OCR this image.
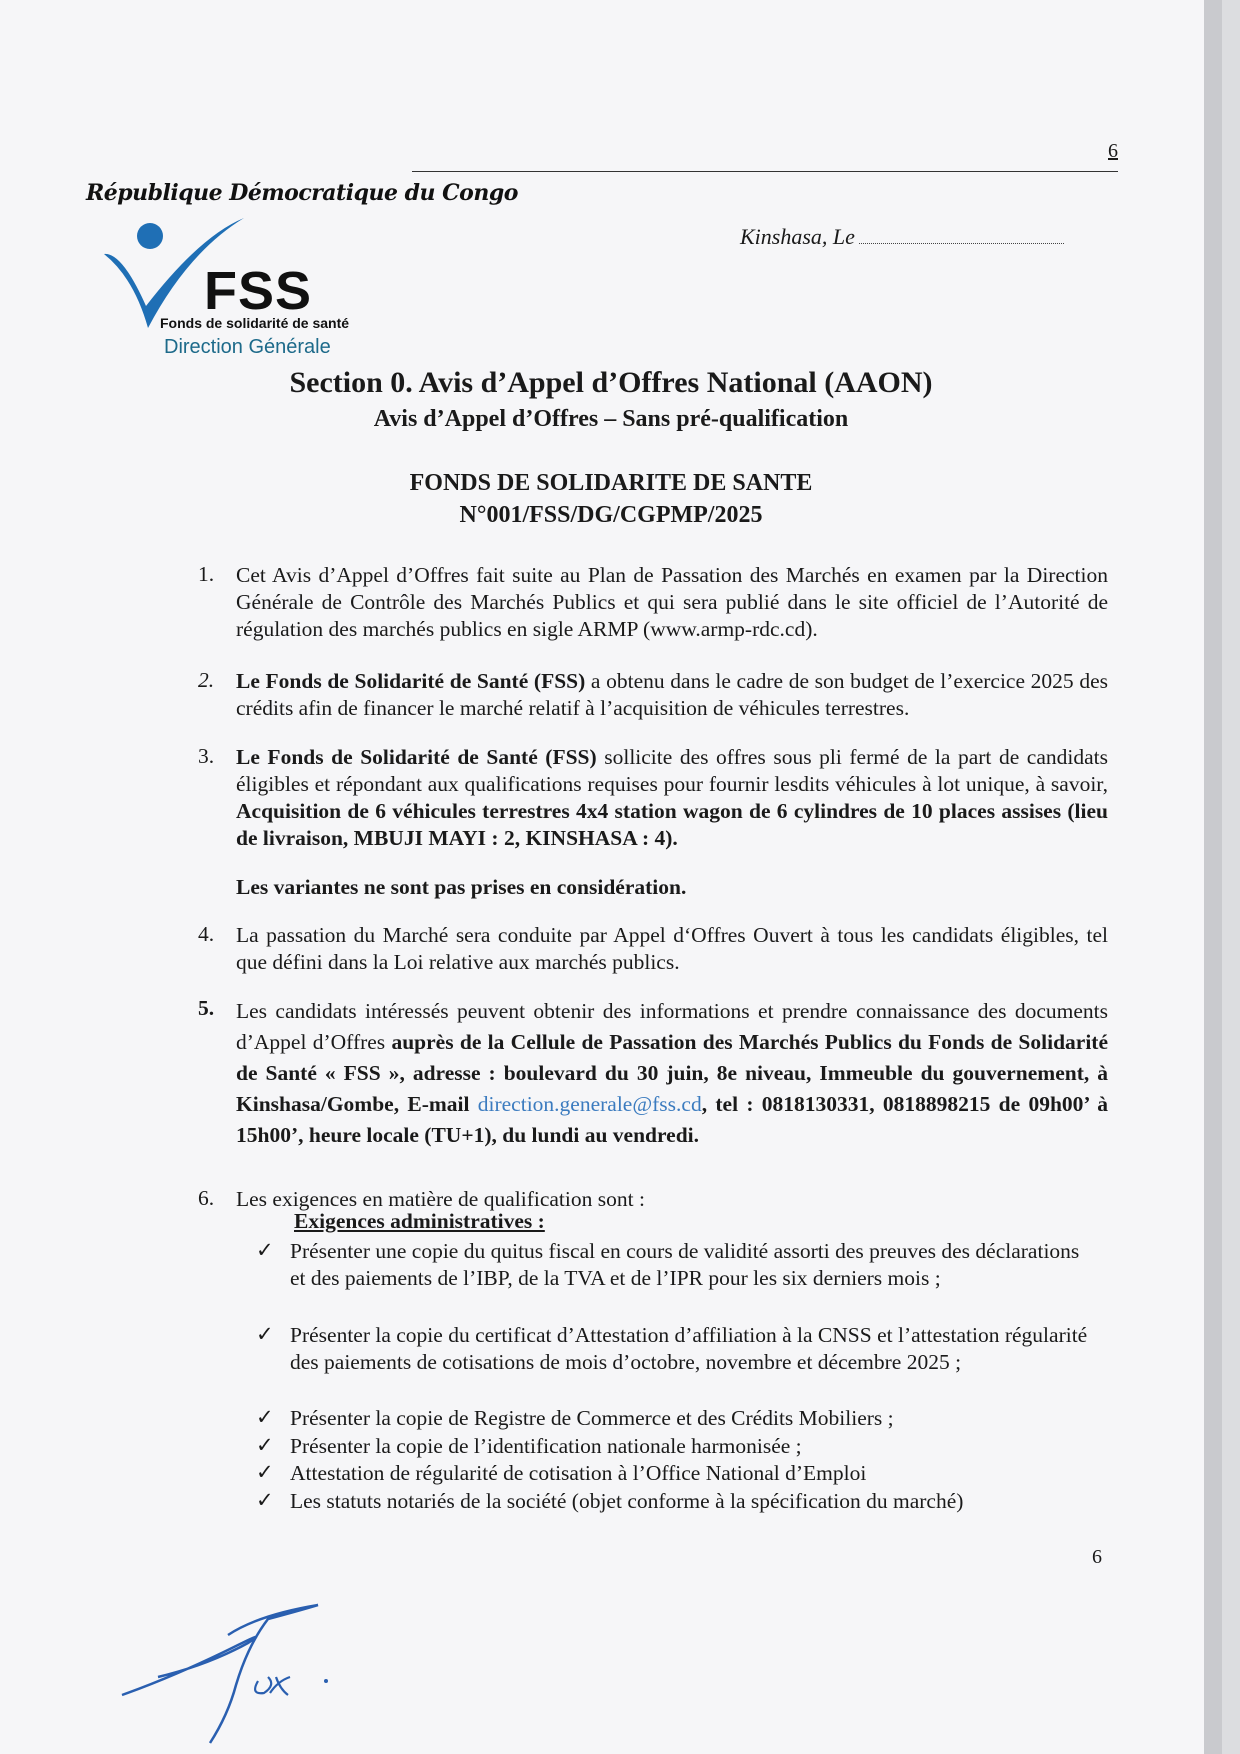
6
République Démocratique du Congo
Kinshasa, Le
FSS
Fonds de solidarité de santé
Direction Générale
Section 0. Avis d’Appel d’Offres National (AAON)
Avis d’Appel d’Offres – Sans pré-qualification
FONDS DE SOLIDARITE DE SANTE
N°001/FSS/DG/CGPMP/2025
1. Cet Avis d’Appel d’Offres fait suite au Plan de Passation des Marchés en examen par la Direction Générale de Contrôle des Marchés Publics et qui sera publié dans le site officiel de l’Autorité de régulation des marchés publics en sigle ARMP (www.armp-rdc.cd).
2. Le Fonds de Solidarité de Santé (FSS) a obtenu dans le cadre de son budget de l’exercice 2025 des crédits afin de financer le marché relatif à l’acquisition de véhicules terrestres.
3. Le Fonds de Solidarité de Santé (FSS) sollicite des offres sous pli fermé de la part de candidats éligibles et répondant aux qualifications requises pour fournir lesdits véhicules à lot unique, à savoir, Acquisition de 6 véhicules terrestres 4x4 station wagon de 6 cylindres de 10 places assises (lieu de livraison, MBUJI MAYI : 2, KINSHASA : 4).
Les variantes ne sont pas prises en considération.
4. La passation du Marché sera conduite par Appel d‘Offres Ouvert à tous les candidats éligibles, tel que défini dans la Loi relative aux marchés publics.
5. Les candidats intéressés peuvent obtenir des informations et prendre connaissance des documents d’Appel d’Offres auprès de la Cellule de Passation des Marchés Publics du Fonds de Solidarité de Santé « FSS », adresse : boulevard du 30 juin, 8e niveau, Immeuble du gouvernement, à Kinshasa/Gombe, E-mail direction.generale@fss.cd, tel : 0818130331, 0818898215 de 09h00’ à 15h00’, heure locale (TU+1), du lundi au vendredi.
6. Les exigences en matière de qualification sont :
Exigences administratives :
✓ Présenter une copie du quitus fiscal en cours de validité assorti des preuves des déclarations et des paiements de l’IBP, de la TVA et de l’IPR pour les six derniers mois ;
✓ Présenter la copie du certificat d’Attestation d’affiliation à la CNSS et l’attestation régularité des paiements de cotisations de mois d’octobre, novembre et décembre 2025 ;
✓ Présenter la copie de Registre de Commerce et des Crédits Mobiliers ;
✓ Présenter la copie de l’identification nationale harmonisée ;
✓ Attestation de régularité de cotisation à l’Office National d’Emploi
✓ Les statuts notariés de la société (objet conforme à la spécification du marché)
6
